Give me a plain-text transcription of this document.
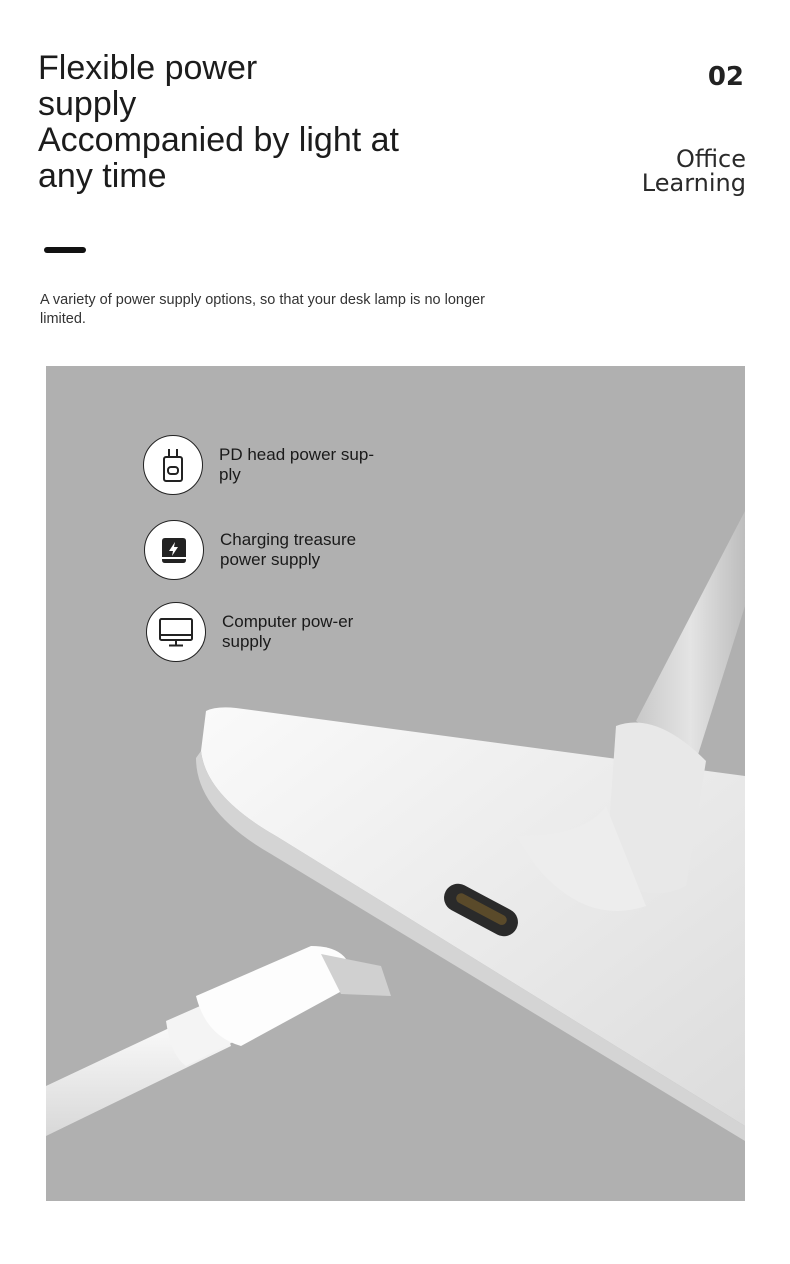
Flexible power
supply
Accompanied by light at
any time
02
Office
Learning

A variety of power supply options, so that your desk lamp is no longer limited.

PD head power sup-ply
Charging treasure power supply
Computer pow-er supply
